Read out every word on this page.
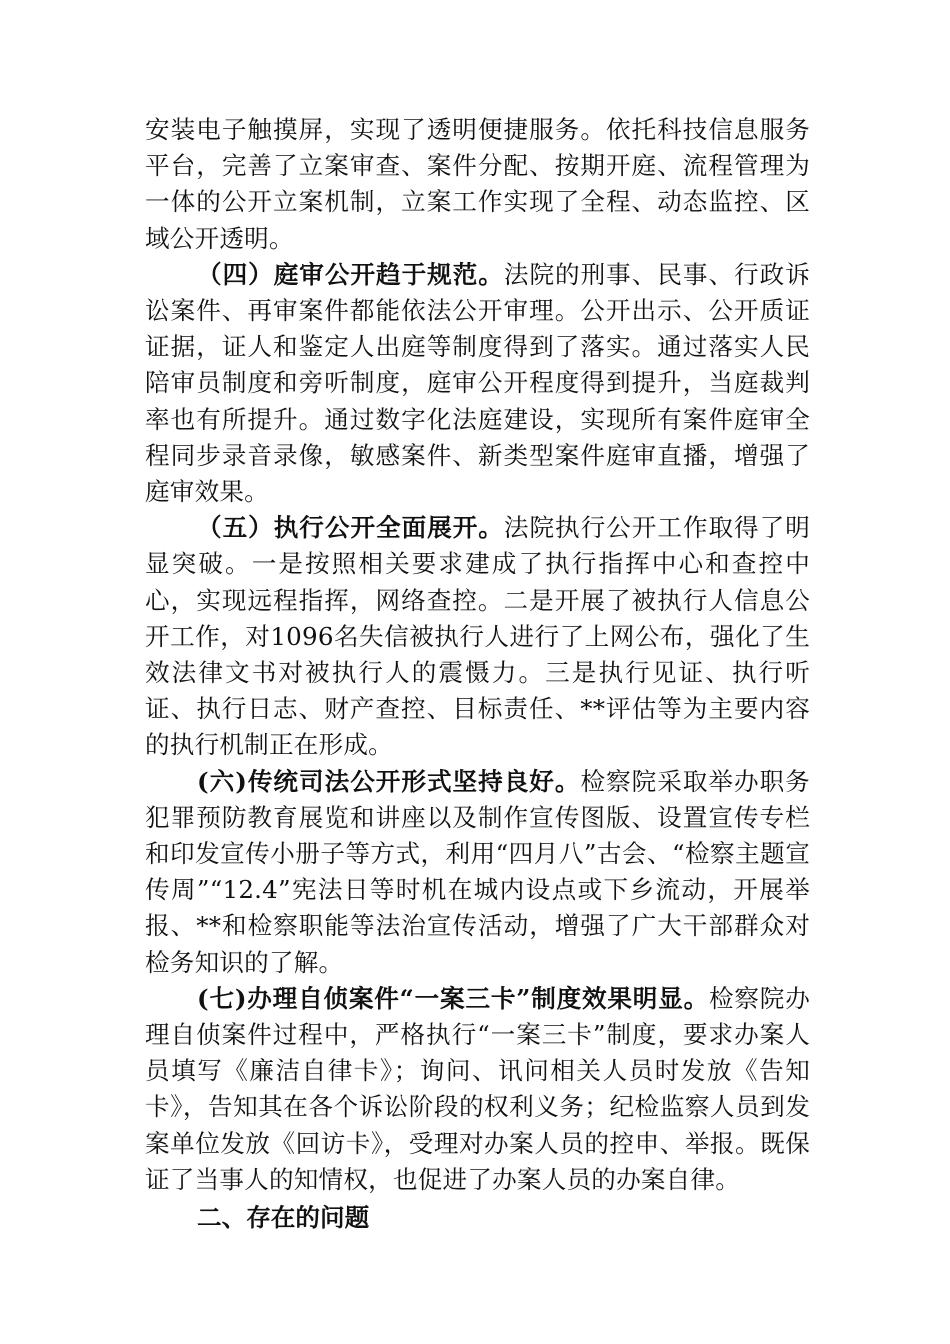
安装电子触摸屏，实现了透明便捷服务。依托科技信息服务平台，完善了立案审查、案件分配、按期开庭、流程管理为一体的公开立案机制，立案工作实现了全程、动态监控、区域公开透明。

（四）庭审公开趋于规范。法院的刑事、民事、行政诉讼案件、再审案件都能依法公开审理。公开出示、公开质证证据，证人和鉴定人出庭等制度得到了落实。通过落实人民陪审员制度和旁听制度，庭审公开程度得到提升，当庭裁判率也有所提升。通过数字化法庭建设，实现所有案件庭审全程同步录音录像，敏感案件、新类型案件庭审直播，增强了庭审效果。

（五）执行公开全面展开。法院执行公开工作取得了明显突破。一是按照相关要求建成了执行指挥中心和查控中心，实现远程指挥，网络查控。二是开展了被执行人信息公开工作，对1096名失信被执行人进行了上网公布，强化了生效法律文书对被执行人的震慑力。三是执行见证、执行听证、执行日志、财产查控、目标责任、**评估等为主要内容的执行机制正在形成。

(六)传统司法公开形式坚持良好。检察院采取举办职务犯罪预防教育展览和讲座以及制作宣传图版、设置宣传专栏和印发宣传小册子等方式，利用“四月八”古会、“检察主题宣传周”“12.4”宪法日等时机在城内设点或下乡流动，开展举报、**和检察职能等法治宣传活动，增强了广大干部群众对检务知识的了解。

(七)办理自侦案件“一案三卡”制度效果明显。检察院办理自侦案件过程中，严格执行“一案三卡”制度，要求办案人员填写《廉洁自律卡》；询问、讯问相关人员时发放《告知卡》，告知其在各个诉讼阶段的权利义务；纪检监察人员到发案单位发放《回访卡》，受理对办案人员的控申、举报。既保证了当事人的知情权，也促进了办案人员的办案自律。

二、存在的问题
